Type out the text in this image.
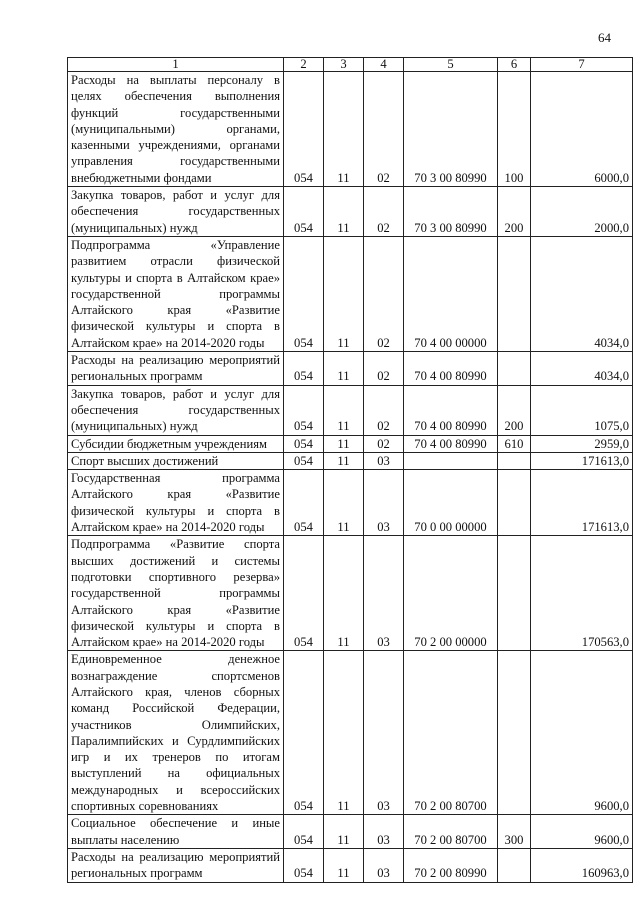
64
1	2	3	4	5	6	7
Расходы на выплаты персоналу в целях обеспечения выполнения функций государственными (муниципальными) органами, казенными учреждениями, органами управления государственными внебюджетными фондами	054	11	02	70 3 00 80990	100	6000,0
Закупка товаров, работ и услуг для обеспечения государственных (муниципальных) нужд	054	11	02	70 3 00 80990	200	2000,0
Подпрограмма «Управление развитием отрасли физической культуры и спорта в Алтайском крае» государственной программы Алтайского края «Развитие физической культуры и спорта в Алтайском крае» на 2014-2020 годы	054	11	02	70 4 00 00000		4034,0
Расходы на реализацию мероприятий региональных программ	054	11	02	70 4 00 80990		4034,0
Закупка товаров, работ и услуг для обеспечения государственных (муниципальных) нужд	054	11	02	70 4 00 80990	200	1075,0
Субсидии бюджетным учреждениям	054	11	02	70 4 00 80990	610	2959,0
Спорт высших достижений	054	11	03			171613,0
Государственная программа Алтайского края «Развитие физической культуры и спорта в Алтайском крае» на 2014-2020 годы	054	11	03	70 0 00 00000		171613,0
Подпрограмма «Развитие спорта высших достижений и системы подготовки спортивного резерва» государственной программы Алтайского края «Развитие физической культуры и спорта в Алтайском крае» на 2014-2020 годы	054	11	03	70 2 00 00000		170563,0
Единовременное денежное вознаграждение спортсменов Алтайского края, членов сборных команд Российской Федерации, участников Олимпийских, Паралимпийских и Сурдлимпийских игр и их тренеров по итогам выступлений на официальных международных и всероссийских спортивных соревнованиях	054	11	03	70 2 00 80700		9600,0
Социальное обеспечение и иные выплаты населению	054	11	03	70 2 00 80700	300	9600,0
Расходы на реализацию мероприятий региональных программ	054	11	03	70 2 00 80990		160963,0
